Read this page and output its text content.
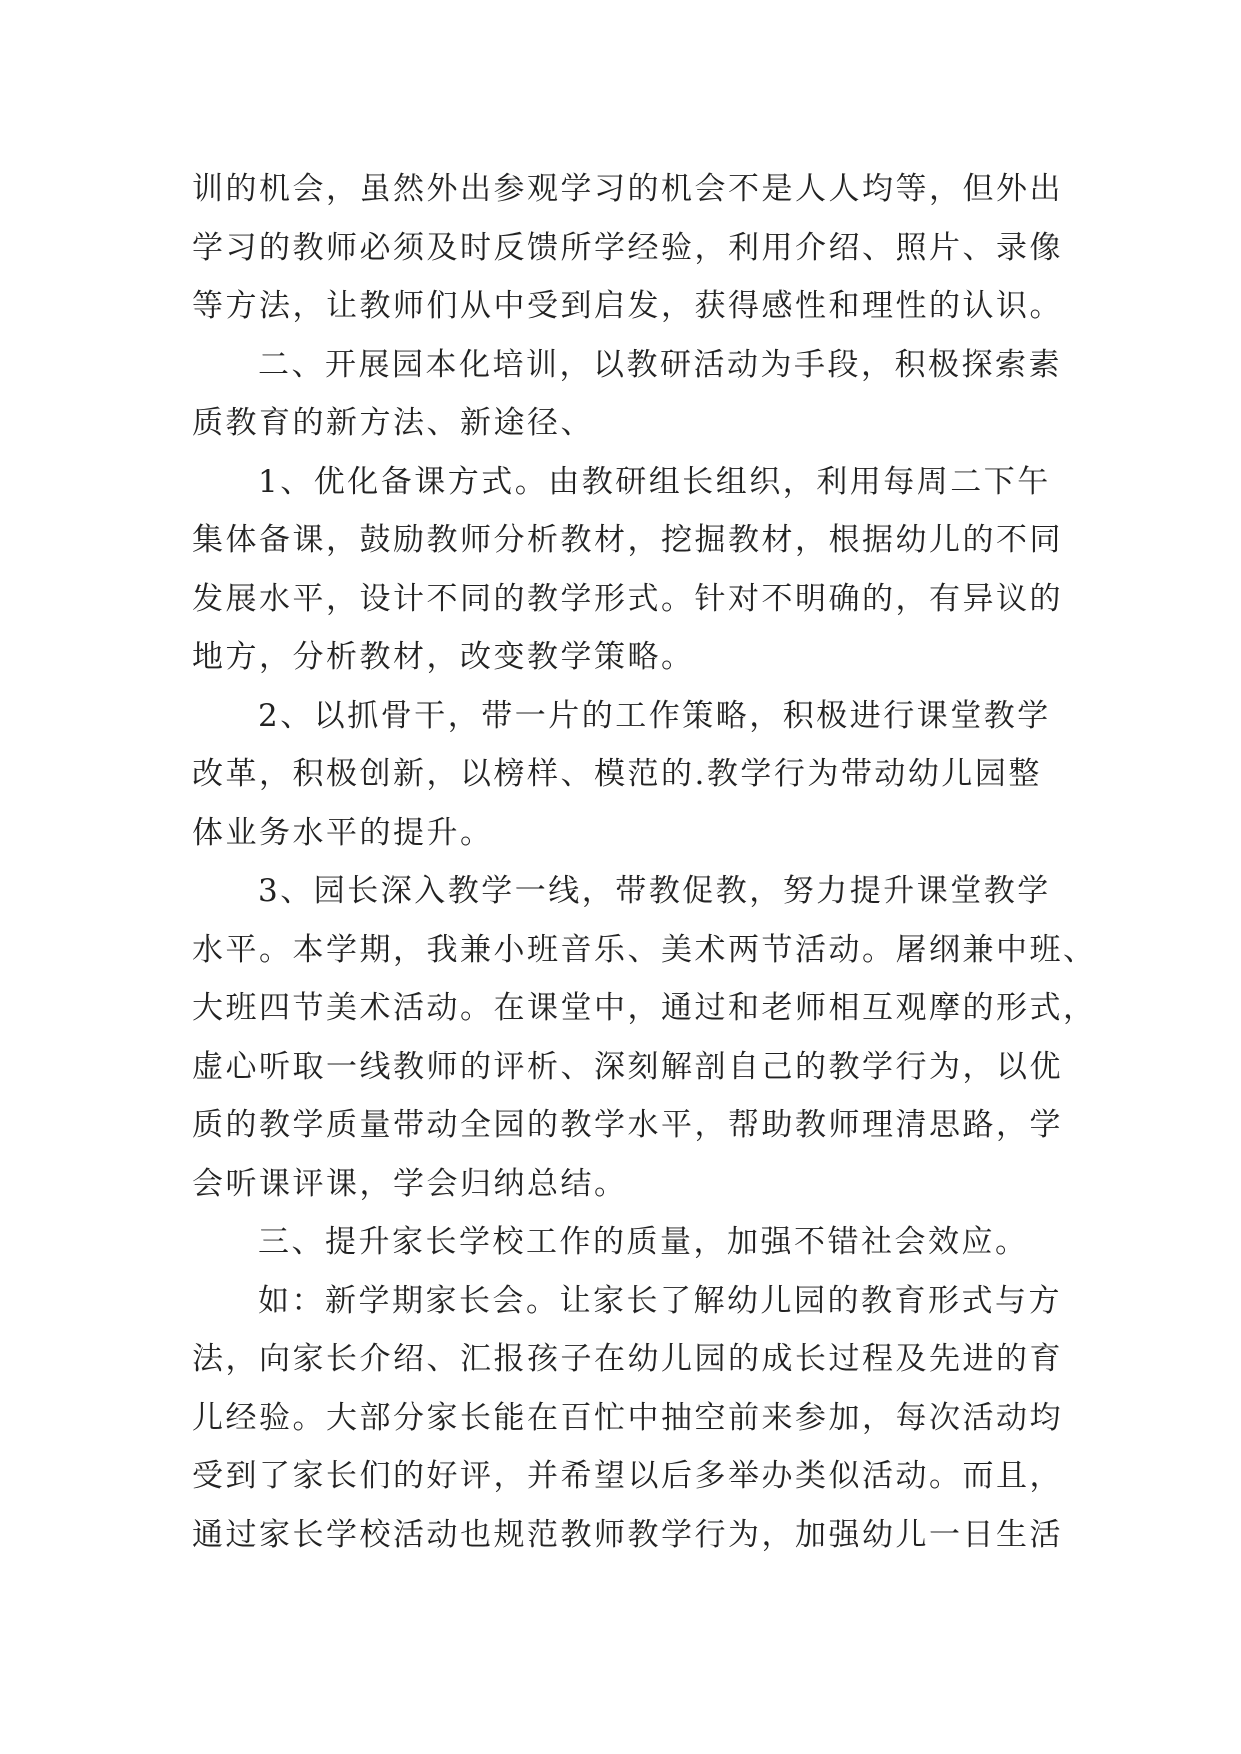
训的机会，虽然外出参观学习的机会不是人人均等，但外出

学习的教师必须及时反馈所学经验，利用介绍、照片、录像

等方法，让教师们从中受到启发，获得感性和理性的认识。

二、开展园本化培训，以教研活动为手段，积极探索素

质教育的新方法、新途径、

1、优化备课方式。由教研组长组织，利用每周二下午

集体备课，鼓励教师分析教材，挖掘教材，根据幼儿的不同

发展水平，设计不同的教学形式。针对不明确的，有异议的

地方，分析教材，改变教学策略。

2、以抓骨干，带一片的工作策略，积极进行课堂教学

改革，积极创新，以榜样、模范的.教学行为带动幼儿园整

体业务水平的提升。

3、园长深入教学一线，带教促教，努力提升课堂教学

水平。本学期，我兼小班音乐、美术两节活动。屠纲兼中班、

大班四节美术活动。在课堂中，通过和老师相互观摩的形式，

虚心听取一线教师的评析、深刻解剖自己的教学行为，以优

质的教学质量带动全园的教学水平，帮助教师理清思路，学

会听课评课，学会归纳总结。

三、提升家长学校工作的质量，加强不错社会效应。

如：新学期家长会。让家长了解幼儿园的教育形式与方

法，向家长介绍、汇报孩子在幼儿园的成长过程及先进的育

儿经验。大部分家长能在百忙中抽空前来参加，每次活动均

受到了家长们的好评，并希望以后多举办类似活动。而且，

通过家长学校活动也规范教师教学行为，加强幼儿一日生活
